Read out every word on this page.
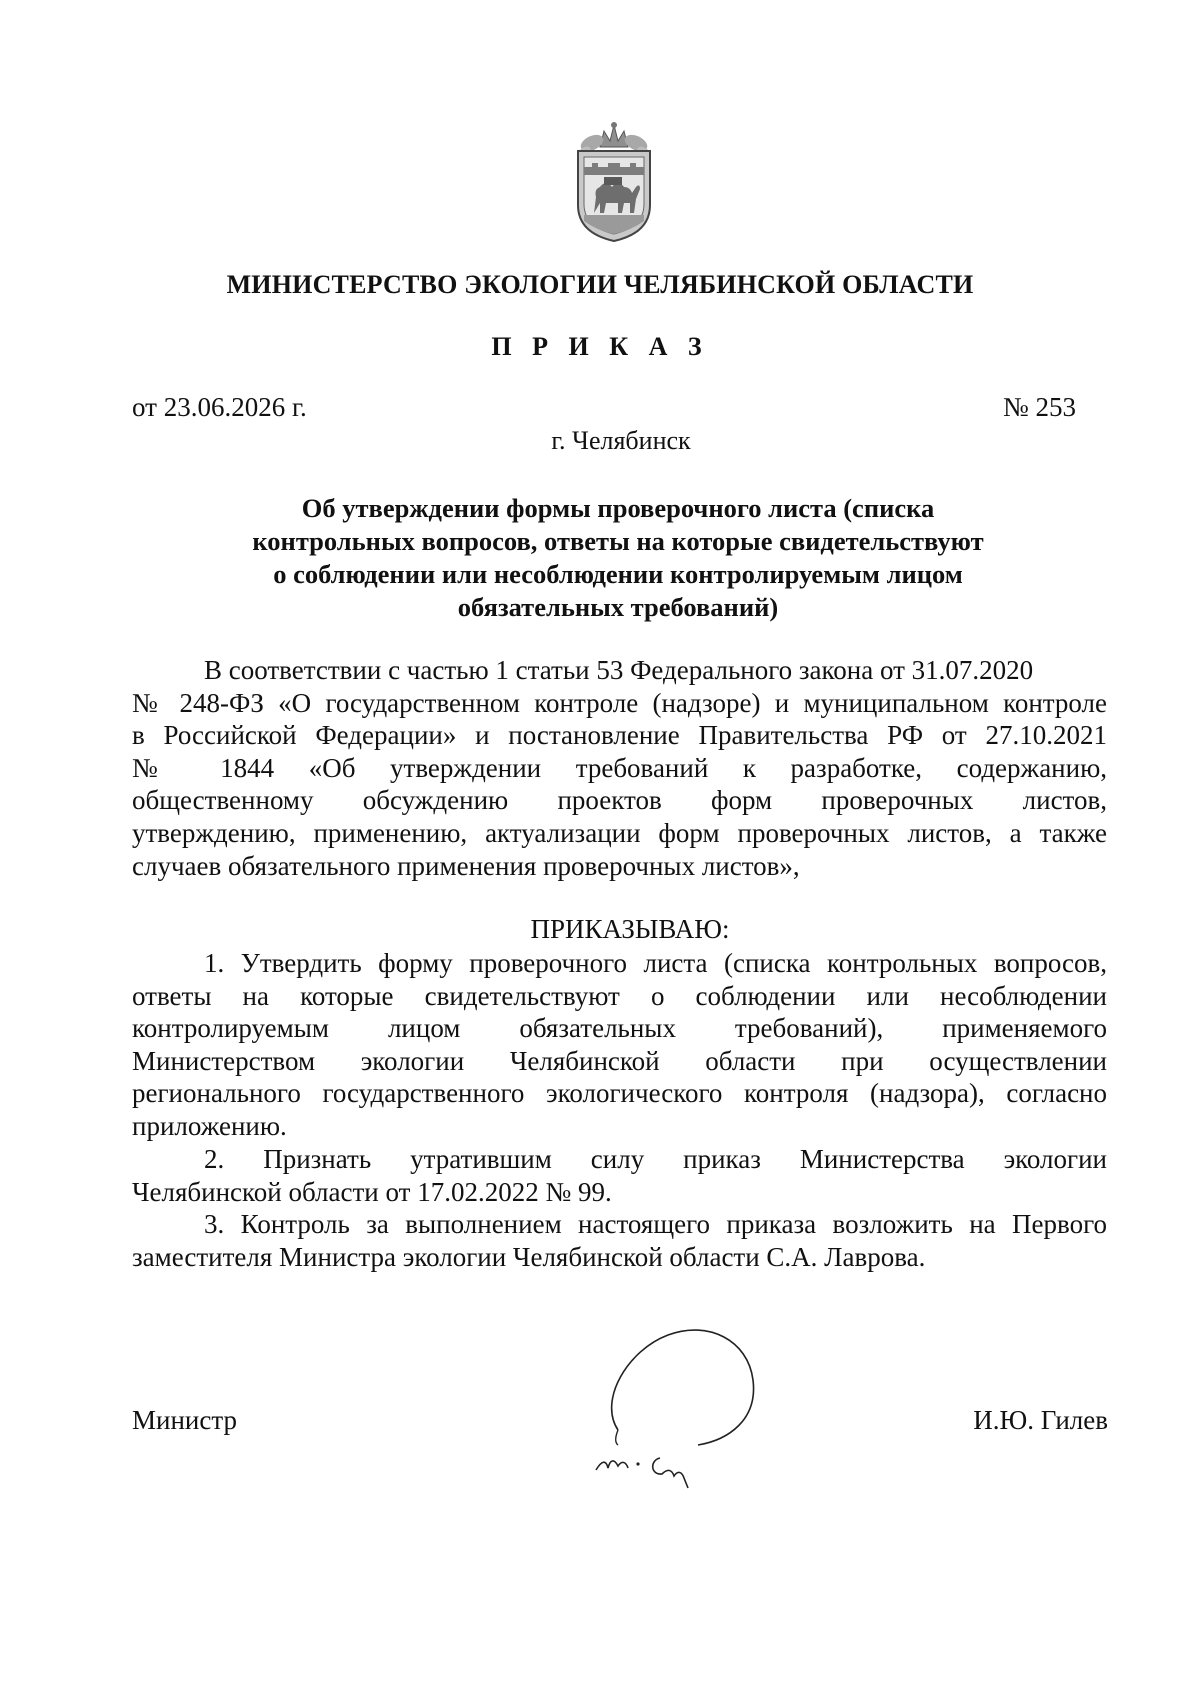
МИНИСТЕРСТВО ЭКОЛОГИИ ЧЕЛЯБИНСКОЙ ОБЛАСТИ
П Р И К А З
от 23.06.2026 г.	№ 253
г. Челябинск
Об утверждении формы проверочного листа (списка
контрольных вопросов, ответы на которые свидетельствуют
о соблюдении или несоблюдении контролируемым лицом
обязательных требований)
В соответствии с частью 1 статьи 53 Федерального закона от 31.07.2020
№ 248-ФЗ «О государственном контроле (надзоре) и муниципальном контроле
в Российской Федерации» и постановление Правительства РФ от 27.10.2021
№ 1844 «Об утверждении требований к разработке, содержанию,
общественному обсуждению проектов форм проверочных листов,
утверждению, применению, актуализации форм проверочных листов, а также
случаев обязательного применения проверочных листов»,
ПРИКАЗЫВАЮ:
1. Утвердить форму проверочного листа (списка контрольных вопросов,
ответы на которые свидетельствуют о соблюдении или несоблюдении
контролируемым лицом обязательных требований), применяемого
Министерством экологии Челябинской области при осуществлении
регионального государственного экологического контроля (надзора), согласно
приложению.
2. Признать утратившим силу приказ Министерства экологии
Челябинской области от 17.02.2022 № 99.
3. Контроль за выполнением настоящего приказа возложить на Первого
заместителя Министра экологии Челябинской области С.А. Лаврова.
Министр	И.Ю. Гилев
